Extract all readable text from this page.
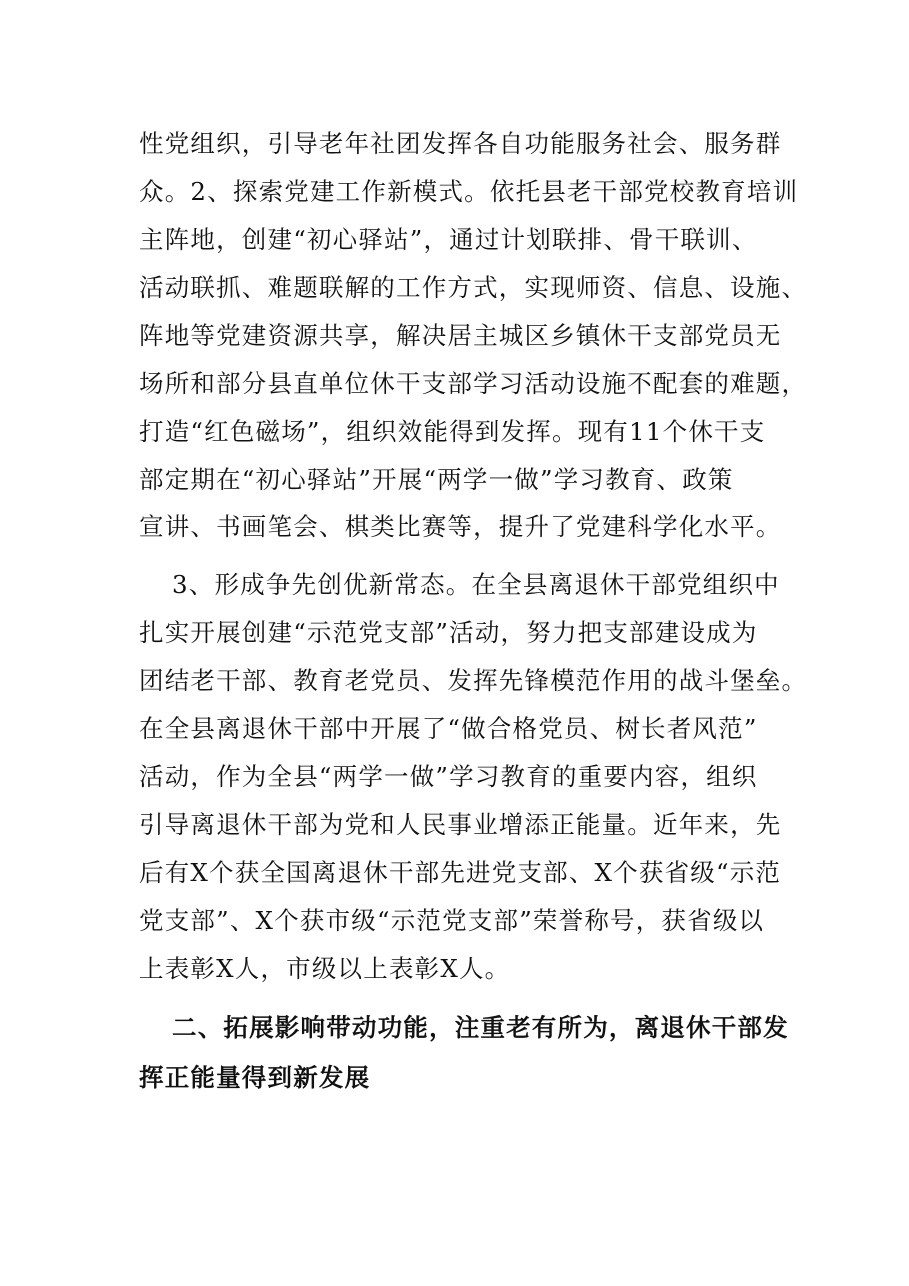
性党组织，引导老年社团发挥各自功能服务社会、服务群
众。2、探索党建工作新模式。依托县老干部党校教育培训
主阵地，创建“初心驿站”，通过计划联排、骨干联训、
活动联抓、难题联解的工作方式，实现师资、信息、设施、
阵地等党建资源共享，解决居主城区乡镇休干支部党员无
场所和部分县直单位休干支部学习活动设施不配套的难题，
打造“红色磁场”，组织效能得到发挥。现有11个休干支
部定期在“初心驿站”开展“两学一做”学习教育、政策
宣讲、书画笔会、棋类比赛等，提升了党建科学化水平。
3、形成争先创优新常态。在全县离退休干部党组织中
扎实开展创建“示范党支部”活动，努力把支部建设成为
团结老干部、教育老党员、发挥先锋模范作用的战斗堡垒。
在全县离退休干部中开展了“做合格党员、树长者风范”
活动，作为全县“两学一做”学习教育的重要内容，组织
引导离退休干部为党和人民事业增添正能量。近年来，先
后有X个获全国离退休干部先进党支部、X个获省级“示范
党支部”、X个获市级“示范党支部”荣誉称号，获省级以
上表彰X人，市级以上表彰X人。
二、拓展影响带动功能，注重老有所为，离退休干部发
挥正能量得到新发展
